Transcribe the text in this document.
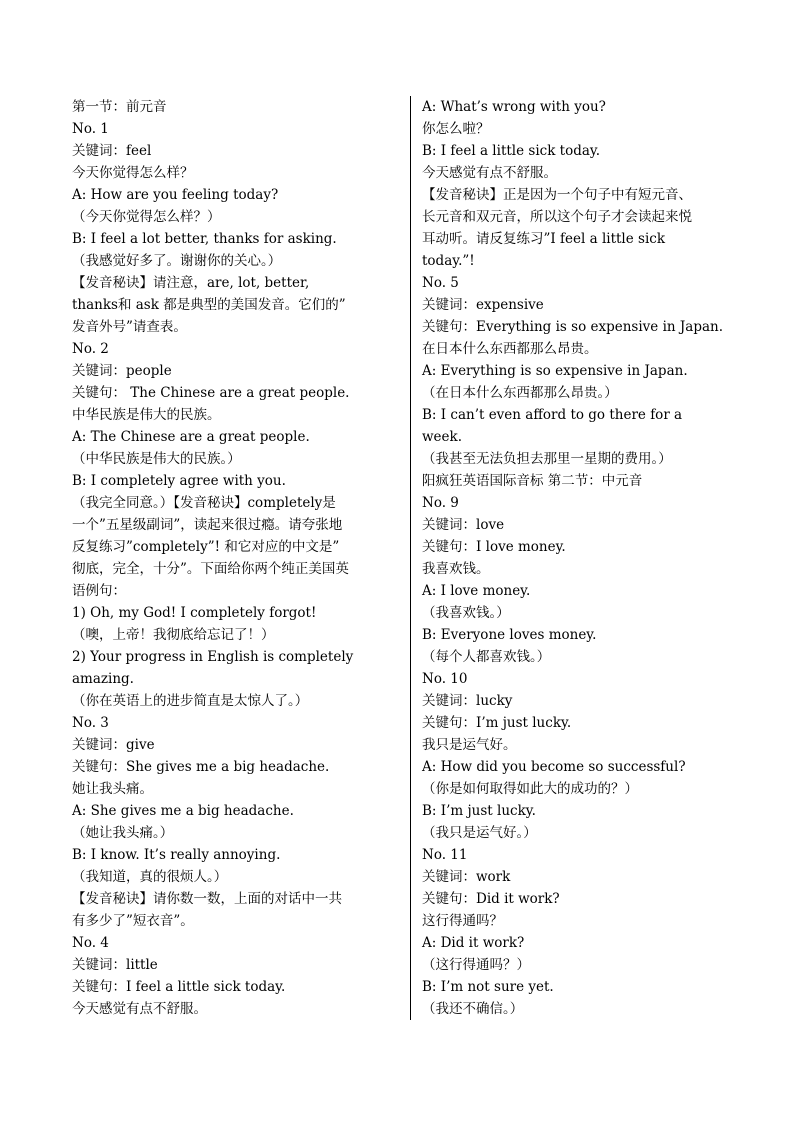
第一节：前元音
No. 1
关键词：feel
今天你觉得怎么样？
A: How are you feeling today?
（今天你觉得怎么样？）
B: I feel a lot better, thanks for asking.
（我感觉好多了。谢谢你的关心。）
【发音秘诀】请注意，are, lot, better,
thanks和 ask 都是典型的美国发音。它们的”
发音外号”请查表。
No. 2
关键词：people
关键句： The Chinese are a great people.
中华民族是伟大的民族。
A: The Chinese are a great people.
（中华民族是伟大的民族。）
B: I completely agree with you.
（我完全同意。）【发音秘诀】completely是
一个”五星级副词”，读起来很过瘾。请夸张地
反复练习”completely”! 和它对应的中文是”
彻底，完全，十分”。下面给你两个纯正美国英
语例句：
1) Oh, my God! I completely forgot!
（噢，上帝！我彻底给忘记了！）
2) Your progress in English is completely
amazing.
（你在英语上的进步简直是太惊人了。）
No. 3
关键词：give
关键句：She gives me a big headache.
她让我头痛。
A: She gives me a big headache.
（她让我头痛。）
B: I know. It’s really annoying.
（我知道，真的很烦人。）
【发音秘诀】请你数一数，上面的对话中一共
有多少了”短衣音”。
No. 4
关键词：little
关键句：I feel a little sick today.
今天感觉有点不舒服。
A: What’s wrong with you?
你怎么啦？
B: I feel a little sick today.
今天感觉有点不舒服。
【发音秘诀】正是因为一个句子中有短元音、
长元音和双元音，所以这个句子才会读起来悦
耳动听。请反复练习”I feel a little sick
today.”!
No. 5
关键词：expensive
关键句：Everything is so expensive in Japan.
在日本什么东西都那么昂贵。
A: Everything is so expensive in Japan.
（在日本什么东西都那么昂贵。）
B: I can’t even afford to go there for a
week.
（我甚至无法负担去那里一星期的费用。）
阳疯狂英语国际音标 第二节：中元音
No. 9
关键词：love
关键句：I love money.
我喜欢钱。
A: I love money.
（我喜欢钱。）
B: Everyone loves money.
（每个人都喜欢钱。）
No. 10
关键词：lucky
关键句：I’m just lucky.
我只是运气好。
A: How did you become so successful?
（你是如何取得如此大的成功的？）
B: I’m just lucky.
（我只是运气好。）
No. 11
关键词：work
关键句：Did it work?
这行得通吗？
A: Did it work?
（这行得通吗？）
B: I’m not sure yet.
（我还不确信。）
